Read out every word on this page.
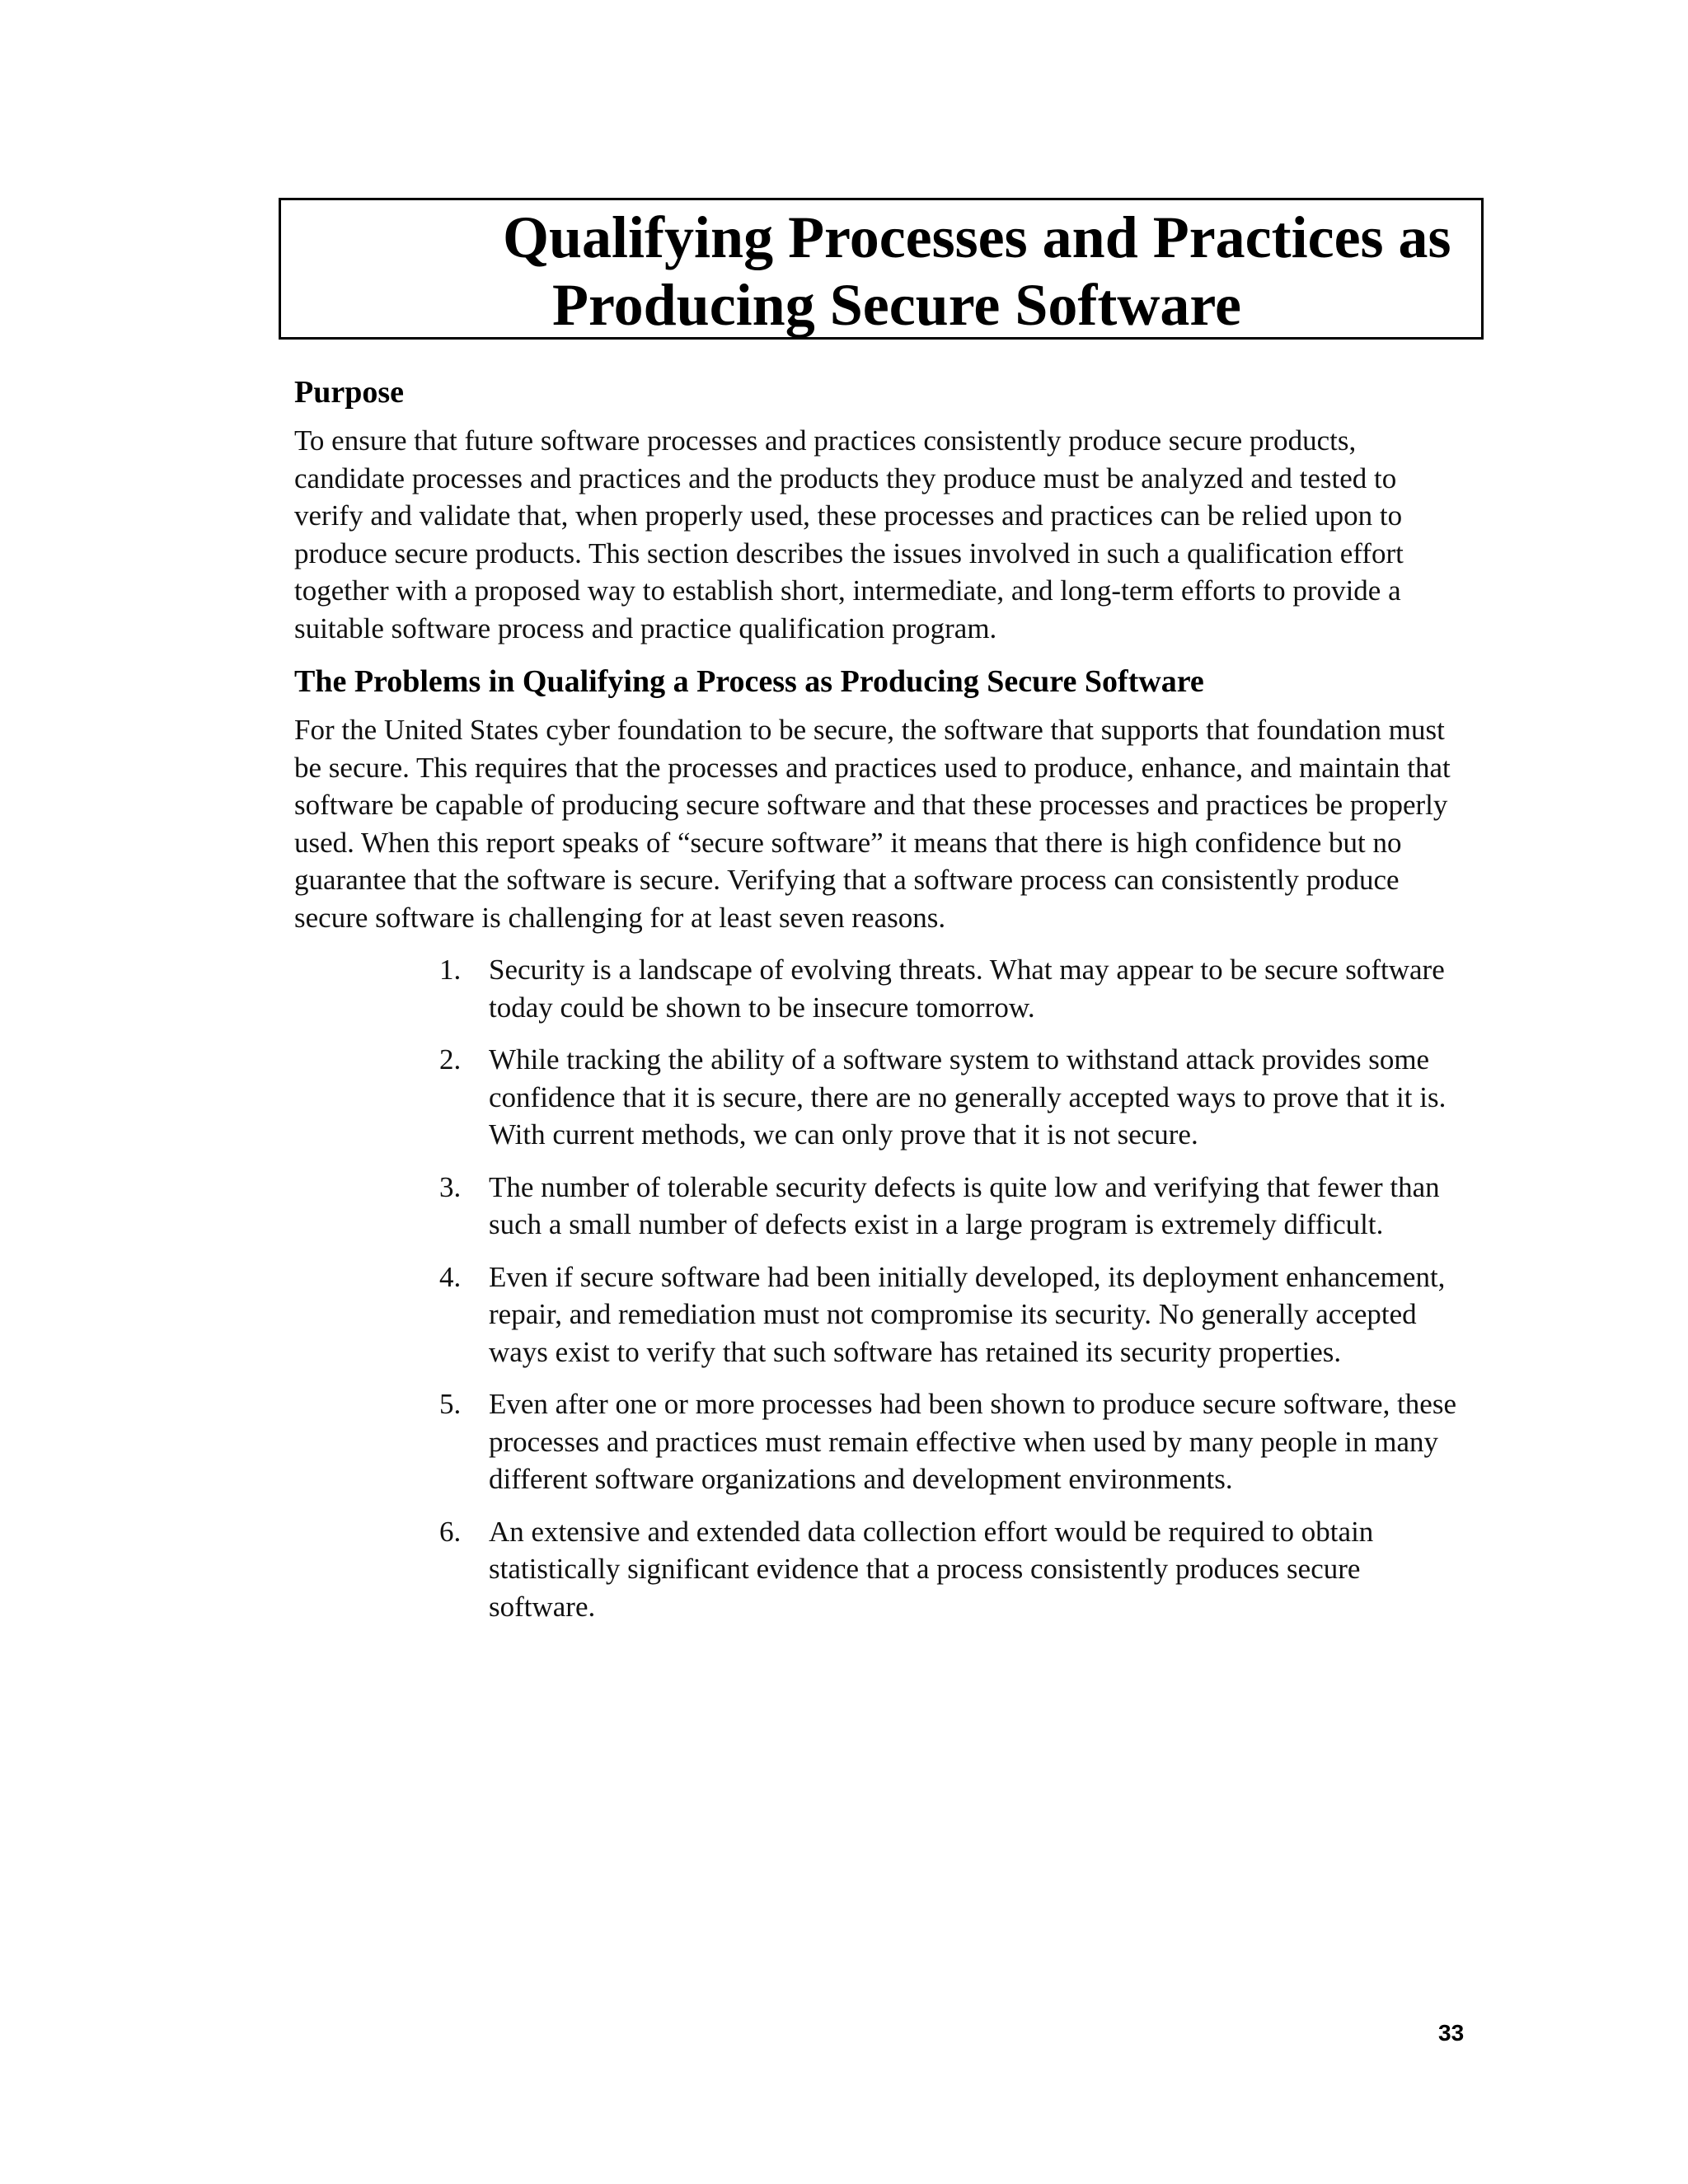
Qualifying Processes and Practices as
Producing Secure Software
Purpose

To ensure that future software processes and practices consistently produce secure products, candidate processes and practices and the products they produce must be analyzed and tested to verify and validate that, when properly used, these processes and practices can be relied upon to produce secure products. This section describes the issues involved in such a qualification effort together with a proposed way to establish short, intermediate, and long-term efforts to provide a suitable software process and practice qualification program.

The Problems in Qualifying a Process as Producing Secure Software

For the United States cyber foundation to be secure, the software that supports that foundation must be secure. This requires that the processes and practices used to produce, enhance, and maintain that software be capable of producing secure software and that these processes and practices be properly used. When this report speaks of “secure software” it means that there is high confidence but no guarantee that the software is secure. Verifying that a software process can consistently produce secure software is challenging for at least seven reasons.

1. Security is a landscape of evolving threats. What may appear to be secure software today could be shown to be insecure tomorrow.
2. While tracking the ability of a software system to withstand attack provides some confidence that it is secure, there are no generally accepted ways to prove that it is. With current methods, we can only prove that it is not secure.
3. The number of tolerable security defects is quite low and verifying that fewer than such a small number of defects exist in a large program is extremely difficult.
4. Even if secure software had been initially developed, its deployment enhancement, repair, and remediation must not compromise its security. No generally accepted ways exist to verify that such software has retained its security properties.
5. Even after one or more processes had been shown to produce secure software, these processes and practices must remain effective when used by many people in many different software organizations and development environments.
6. An extensive and extended data collection effort would be required to obtain statistically significant evidence that a process consistently produces secure software.
33
